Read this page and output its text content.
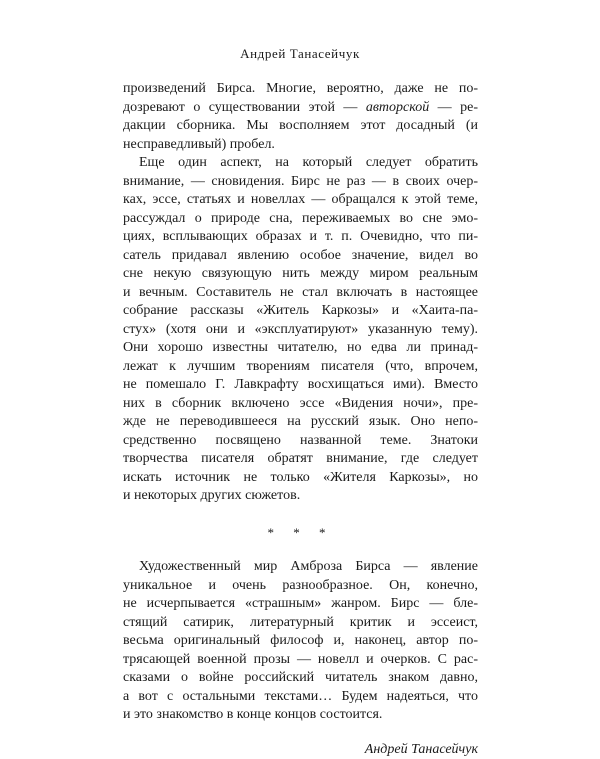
Андрей Танасейчук

произведений Бирса. Многие, вероятно, даже не по-
дозревают о существовании этой — авторской — ре-
дакции сборника. Мы восполняем этот досадный (и
несправедливый) пробел.

Еще один аспект, на который следует обратить
внимание, — сновидения. Бирс не раз — в своих очер-
ках, эссе, статьях и новеллах — обращался к этой теме,
рассуждал о природе сна, переживаемых во сне эмо-
циях, всплывающих образах и т. п. Очевидно, что пи-
сатель придавал явлению особое значение, видел во
сне некую связующую нить между миром реальным
и вечным. Составитель не стал включать в настоящее
собрание рассказы «Житель Каркозы» и «Хаита-па-
стух» (хотя они и «эксплуатируют» указанную тему).
Они хорошо известны читателю, но едва ли принад-
лежат к лучшим творениям писателя (что, впрочем,
не помешало Г. Лавкрафту восхищаться ими). Вместо
них в сборник включено эссе «Видения ночи», пре-
жде не переводившееся на русский язык. Оно непо-
средственно посвящено названной теме. Знатоки
творчества писателя обратят внимание, где следует
искать источник не только «Жителя Каркозы», но
и некоторых других сюжетов.

* * *

Художественный мир Амброза Бирса — явление
уникальное и очень разнообразное. Он, конечно,
не исчерпывается «страшным» жанром. Бирс — бле-
стящий сатирик, литературный критик и эссеист,
весьма оригинальный философ и, наконец, автор по-
трясающей военной прозы — новелл и очерков. С рас-
сказами о войне российский читатель знаком давно,
а вот с остальными текстами… Будем надеяться, что
и это знакомство в конце концов состоится.

Андрей Танасейчук
